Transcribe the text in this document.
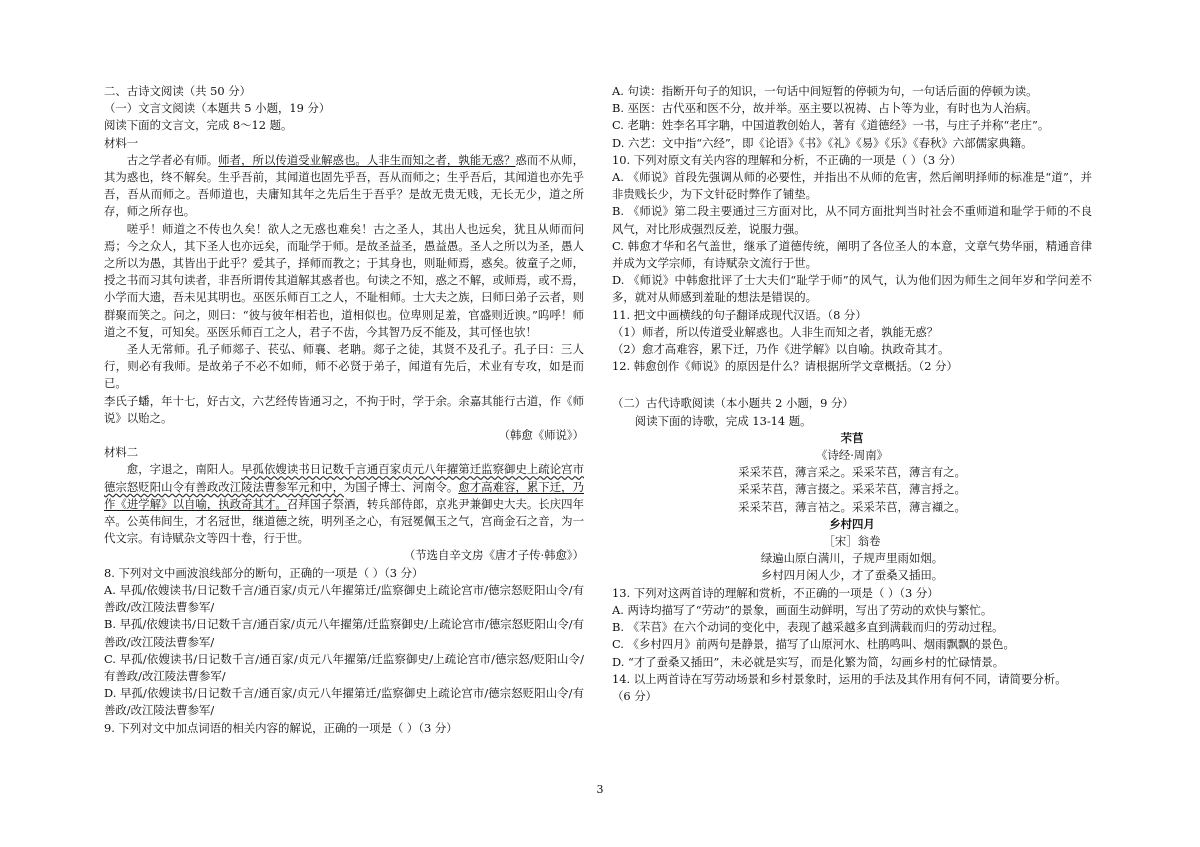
二、古诗文阅读（共 50 分）

（一）文言文阅读（本题共 5 小题，19 分）

阅读下面的文言文，完成 8～12 题。

材料一

古之学者必有师。师者，所以传道受业解惑也。人非生而知之者，孰能无惑？惑而不从师，其为惑也，终不解矣。生乎吾前，其闻道也固先乎吾，吾从而师之；生乎吾后，其闻道也亦先乎吾，吾从而师之。吾师道也，夫庸知其年之先后生于吾乎？是故无贵无贱，无长无少，道之所存，师之所存也。

嗟乎！师道之不传也久矣！欲人之无惑也难矣！古之圣人，其出人也远矣，犹且从师而问焉；今之众人，其下圣人也亦远矣，而耻学于师。是故圣益圣，愚益愚。圣人之所以为圣，愚人之所以为愚，其皆出于此乎？爱其子，择师而教之；于其身也，则耻师焉，惑矣。彼童子之师，授之书而习其句读者，非吾所谓传其道解其惑者也。句读之不知，惑之不解，或师焉，或不焉，小学而大遗，吾未见其明也。巫医乐师百工之人，不耻相师。士大夫之族，曰师曰弟子云者，则群聚而笑之。问之，则曰：“彼与彼年相若也，道相似也。位卑则足羞，官盛则近谀。”呜呼！师道之不复，可知矣。巫医乐师百工之人，君子不齿，今其智乃反不能及，其可怪也欤！

圣人无常师。孔子师郯子、苌弘、师襄、老聃。郯子之徒，其贤不及孔子。孔子曰：三人行，则必有我师。是故弟子不必不如师，师不必贤于弟子，闻道有先后，术业有专攻，如是而已。

李氏子蟠，年十七，好古文，六艺经传皆通习之，不拘于时，学于余。余嘉其能行古道，作《师说》以贻之。

（韩愈《师说》）

材料二

愈，字退之，南阳人。早孤依嫂读书日记数千言通百家贞元八年擢第迁监察御史上疏论宫市德宗怒贬阳山令有善政改江陵法曹参军元和中，为国子博士、河南令。愈才高难容，累下迁，乃作《进学解》以自喻，执政奇其才。召拜国子祭酒，转兵部侍郎，京兆尹兼御史大夫。长庆四年卒。公英伟间生，才名冠世，继道德之统，明列圣之心，有冠冕佩玉之气，宫商金石之音，为一代文宗。有诗赋杂文等四十卷，行于世。

（节选自辛文房《唐才子传·韩愈》）

8. 下列对文中画波浪线部分的断句，正确的一项是（ ）（3 分）

A. 早孤/依嫂读书/日记数千言/通百家/贞元八年擢第迁/监察御史上疏论宫市/德宗怒贬阳山令/有善政/改江陵法曹参军/

B. 早孤/依嫂读书/日记数千言/通百家/贞元八年擢第/迁监察御史/上疏论宫市/德宗怒贬阳山令/有善政/改江陵法曹参军/

C. 早孤/依嫂读书/日记数千言/通百家/贞元八年擢第/迁监察御史/上疏论宫市/德宗怒/贬阳山令/有善政/改江陵法曹参军/

D. 早孤/依嫂读书/日记数千言/通百家/贞元八年擢第迁/监察御史上疏论宫市/德宗怒贬阳山令/有善政/改江陵法曹参军/

9. 下列对文中加点词语的相关内容的解说，正确的一项是（ ）（3 分）

A. 句读：指断开句子的知识，一句话中间短暂的停顿为句，一句话后面的停顿为读。

B. 巫医：古代巫和医不分，故并举。巫主要以祝祷、占卜等为业，有时也为人治病。

C. 老聃：姓李名耳字聃，中国道教创始人，著有《道德经》一书，与庄子并称“老庄”。

D. 六艺：文中指“六经”，即《论语》《书》《礼》《易》《乐》《春秋》六部儒家典籍。

10. 下列对原文有关内容的理解和分析，不正确的一项是（ ）（3 分）

A. 《师说》首段先强调从师的必要性，并指出不从师的危害，然后阐明择师的标准是“道”，并非贵贱长少，为下文针砭时弊作了铺垫。

B. 《师说》第二段主要通过三方面对比，从不同方面批判当时社会不重师道和耻学于师的不良风气，对比形成强烈反差，说服力强。

C. 韩愈才华和名气盖世，继承了道德传统，阐明了各位圣人的本意，文章气势华丽，精通音律并成为文学宗师，有诗赋杂文流行于世。

D. 《师说》中韩愈批评了士大夫们“耻学于师”的风气，认为他们因为师生之间年岁和学问差不多，就对从师感到羞耻的想法是错误的。

11. 把文中画横线的句子翻译成现代汉语。（8 分）

（1）师者，所以传道受业解惑也。人非生而知之者，孰能无惑？

（2）愈才高难容，累下迁，乃作《进学解》以自喻。执政奇其才。

12. 韩愈创作《师说》的原因是什么？请根据所学文章概括。（2 分）

（二）古代诗歌阅读（本小题共 2 小题，9 分）

阅读下面的诗歌，完成 13-14 题。

芣苢

《诗经·周南》

采采芣苢，薄言采之。采采芣苢，薄言有之。

采采芣苢，薄言掇之。采采芣苢，薄言捋之。

采采芣苢，薄言袺之。采采芣苢，薄言襭之。

乡村四月

［宋］翁卷

绿遍山原白满川，子规声里雨如烟。

乡村四月闲人少，才了蚕桑又插田。

13. 下列对这两首诗的理解和赏析，不正确的一项是（ ）（3 分）

A. 两诗均描写了“劳动”的景象，画面生动鲜明，写出了劳动的欢快与繁忙。

B. 《芣苢》在六个动词的变化中，表现了越采越多直到满载而归的劳动过程。

C. 《乡村四月》前两句是静景，描写了山原河水、杜鹃鸣叫、烟雨飘飘的景色。

D. “才了蚕桑又插田”，未必就是实写，而是化繁为简，勾画乡村的忙碌情景。

14. 以上两首诗在写劳动场景和乡村景象时，运用的手法及其作用有何不同，请简要分析。

（6 分）

3
